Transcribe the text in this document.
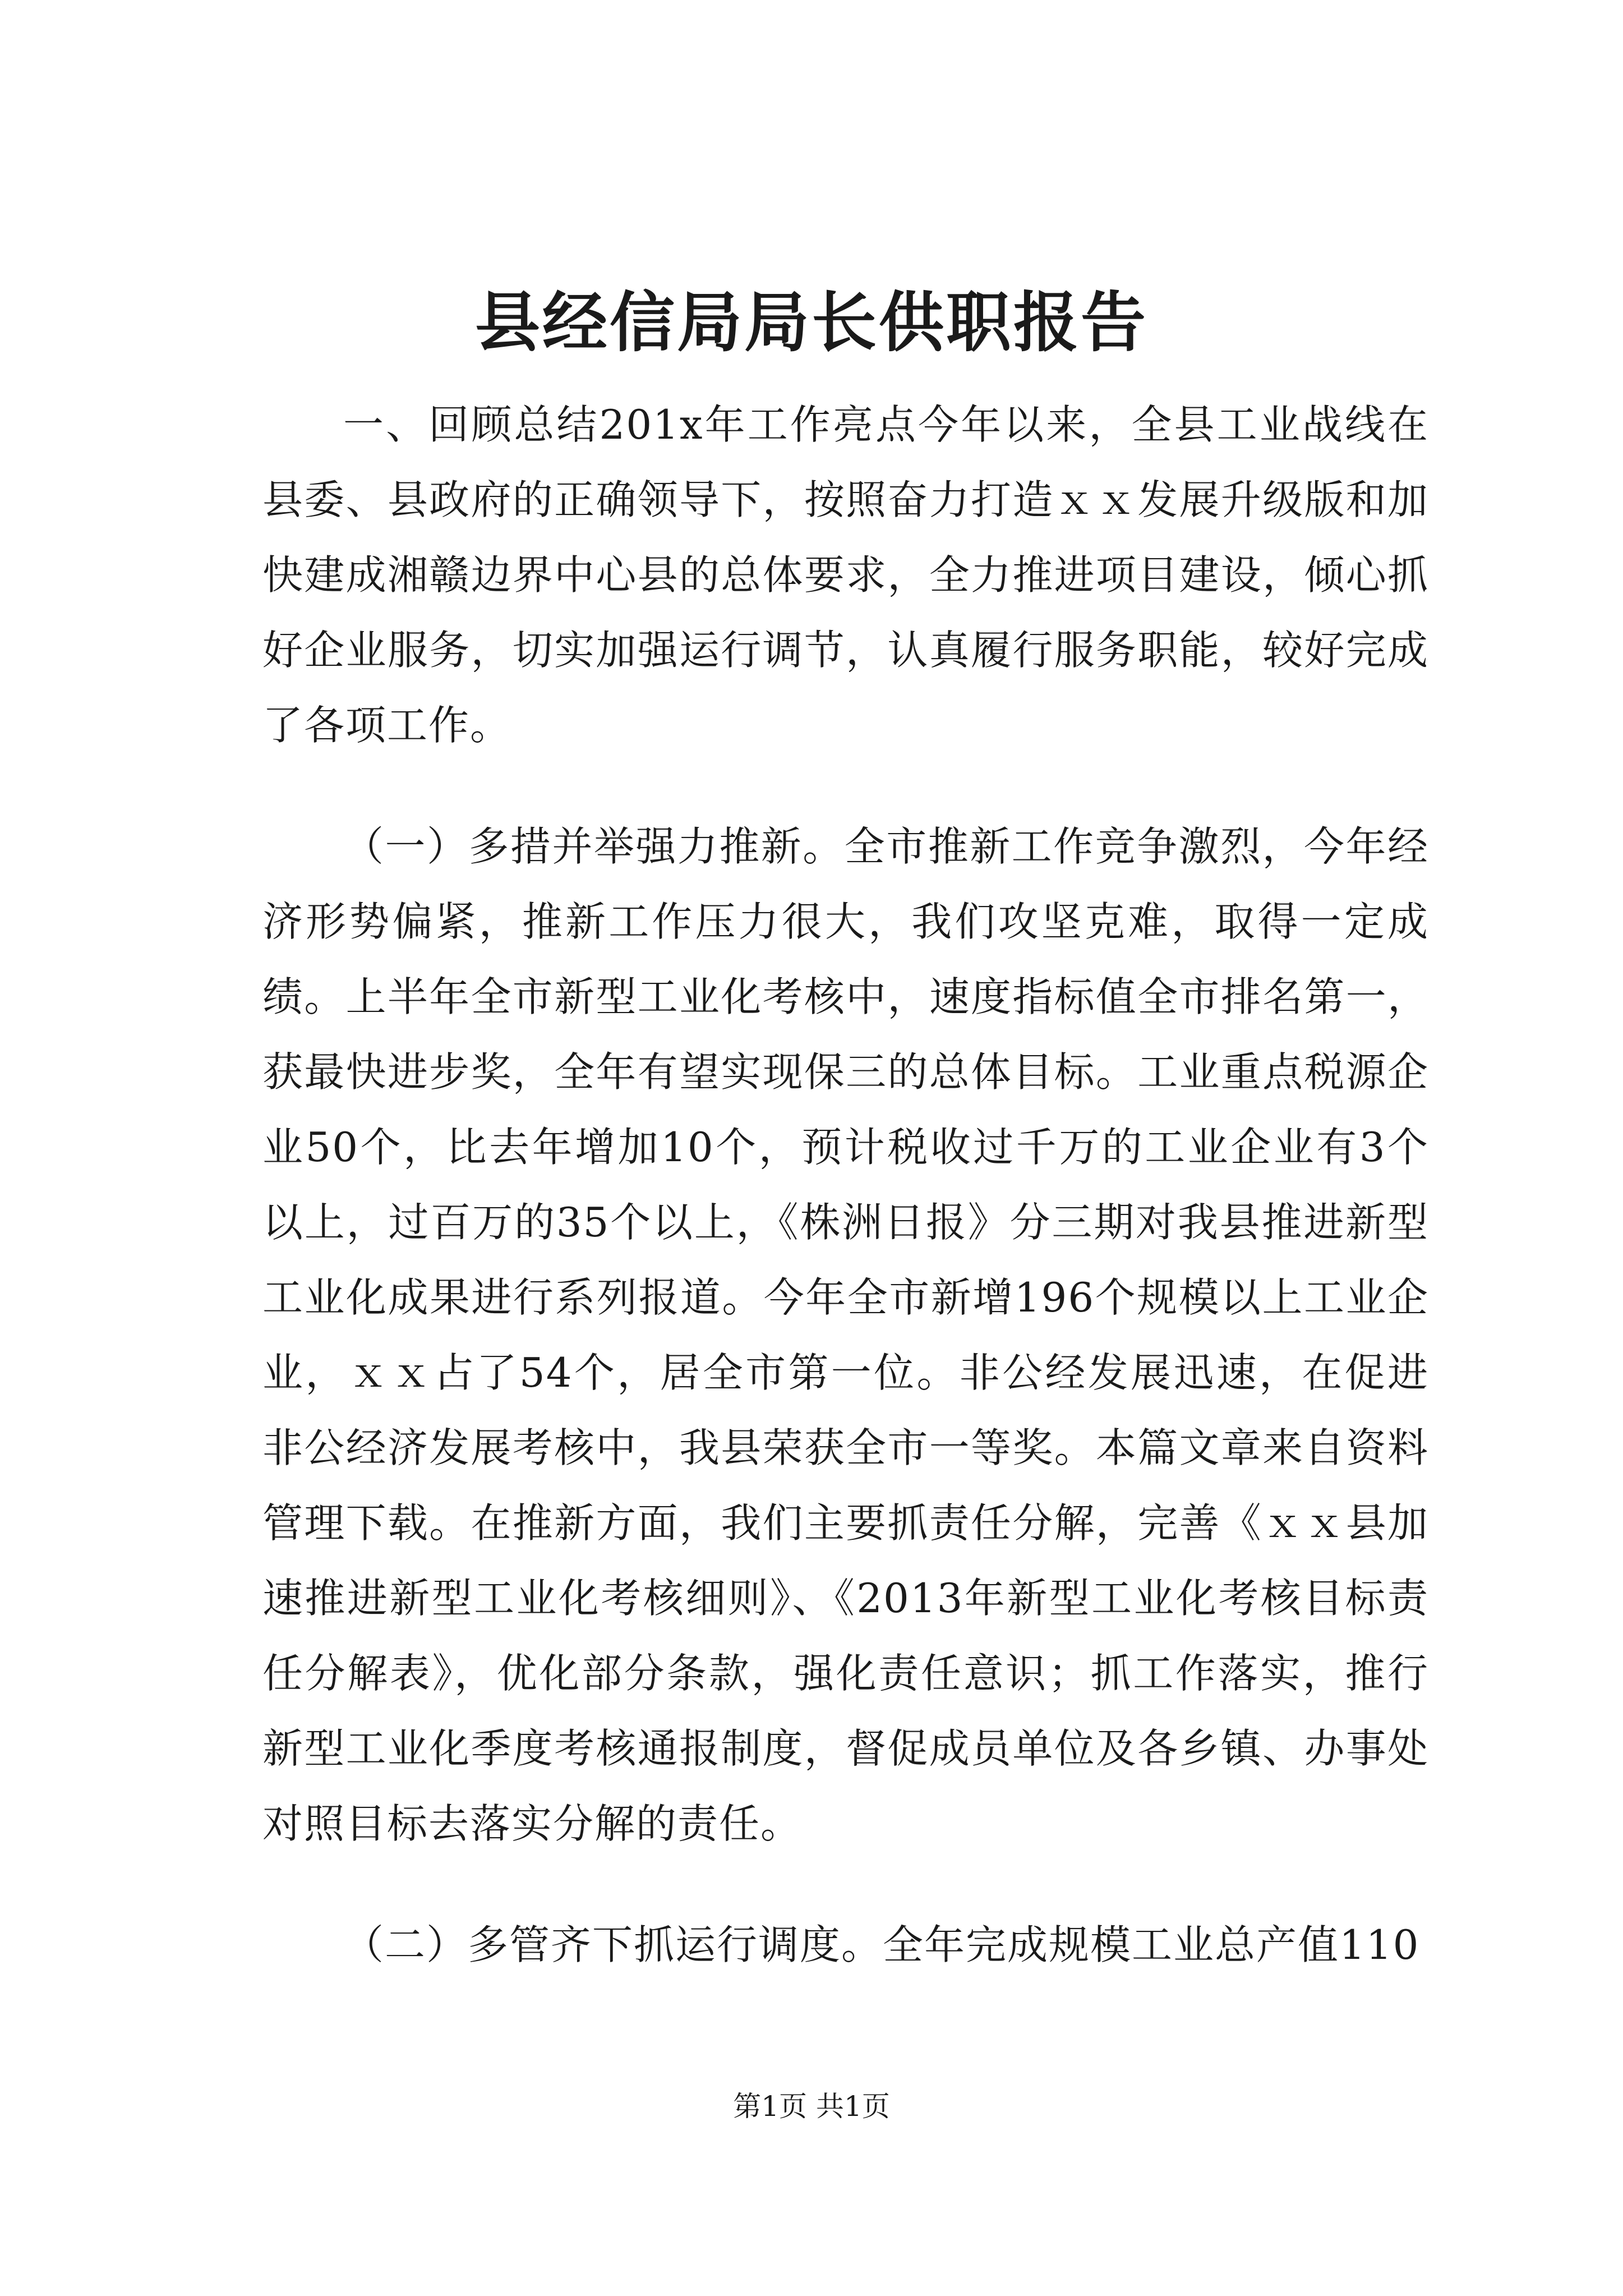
县经信局局长供职报告

一、回顾总结201x年工作亮点今年以来，全县工业战线在县委、县政府的正确领导下，按照奋力打造ｘｘ发展升级版和加快建成湘赣边界中心县的总体要求，全力推进项目建设，倾心抓好企业服务，切实加强运行调节，认真履行服务职能，较好完成了各项工作。

（一）多措并举强力推新。全市推新工作竞争激烈，今年经济形势偏紧，推新工作压力很大，我们攻坚克难，取得一定成绩。上半年全市新型工业化考核中，速度指标值全市排名第一，获最快进步奖，全年有望实现保三的总体目标。工业重点税源企业50个，比去年增加10个，预计税收过千万的工业企业有3个以上，过百万的35个以上，《株洲日报》分三期对我县推进新型工业化成果进行系列报道。今年全市新增196个规模以上工业企业，ｘｘ占了54个，居全市第一位。非公经发展迅速，在促进非公经济发展考核中，我县荣获全市一等奖。本篇文章来自资料管理下载。在推新方面，我们主要抓责任分解，完善《ｘｘ县加速推进新型工业化考核细则》、《2013年新型工业化考核目标责任分解表》，优化部分条款，强化责任意识；抓工作落实，推行新型工业化季度考核通报制度，督促成员单位及各乡镇、办事处对照目标去落实分解的责任。

（二）多管齐下抓运行调度。全年完成规模工业总产值110

第1页 共1页
